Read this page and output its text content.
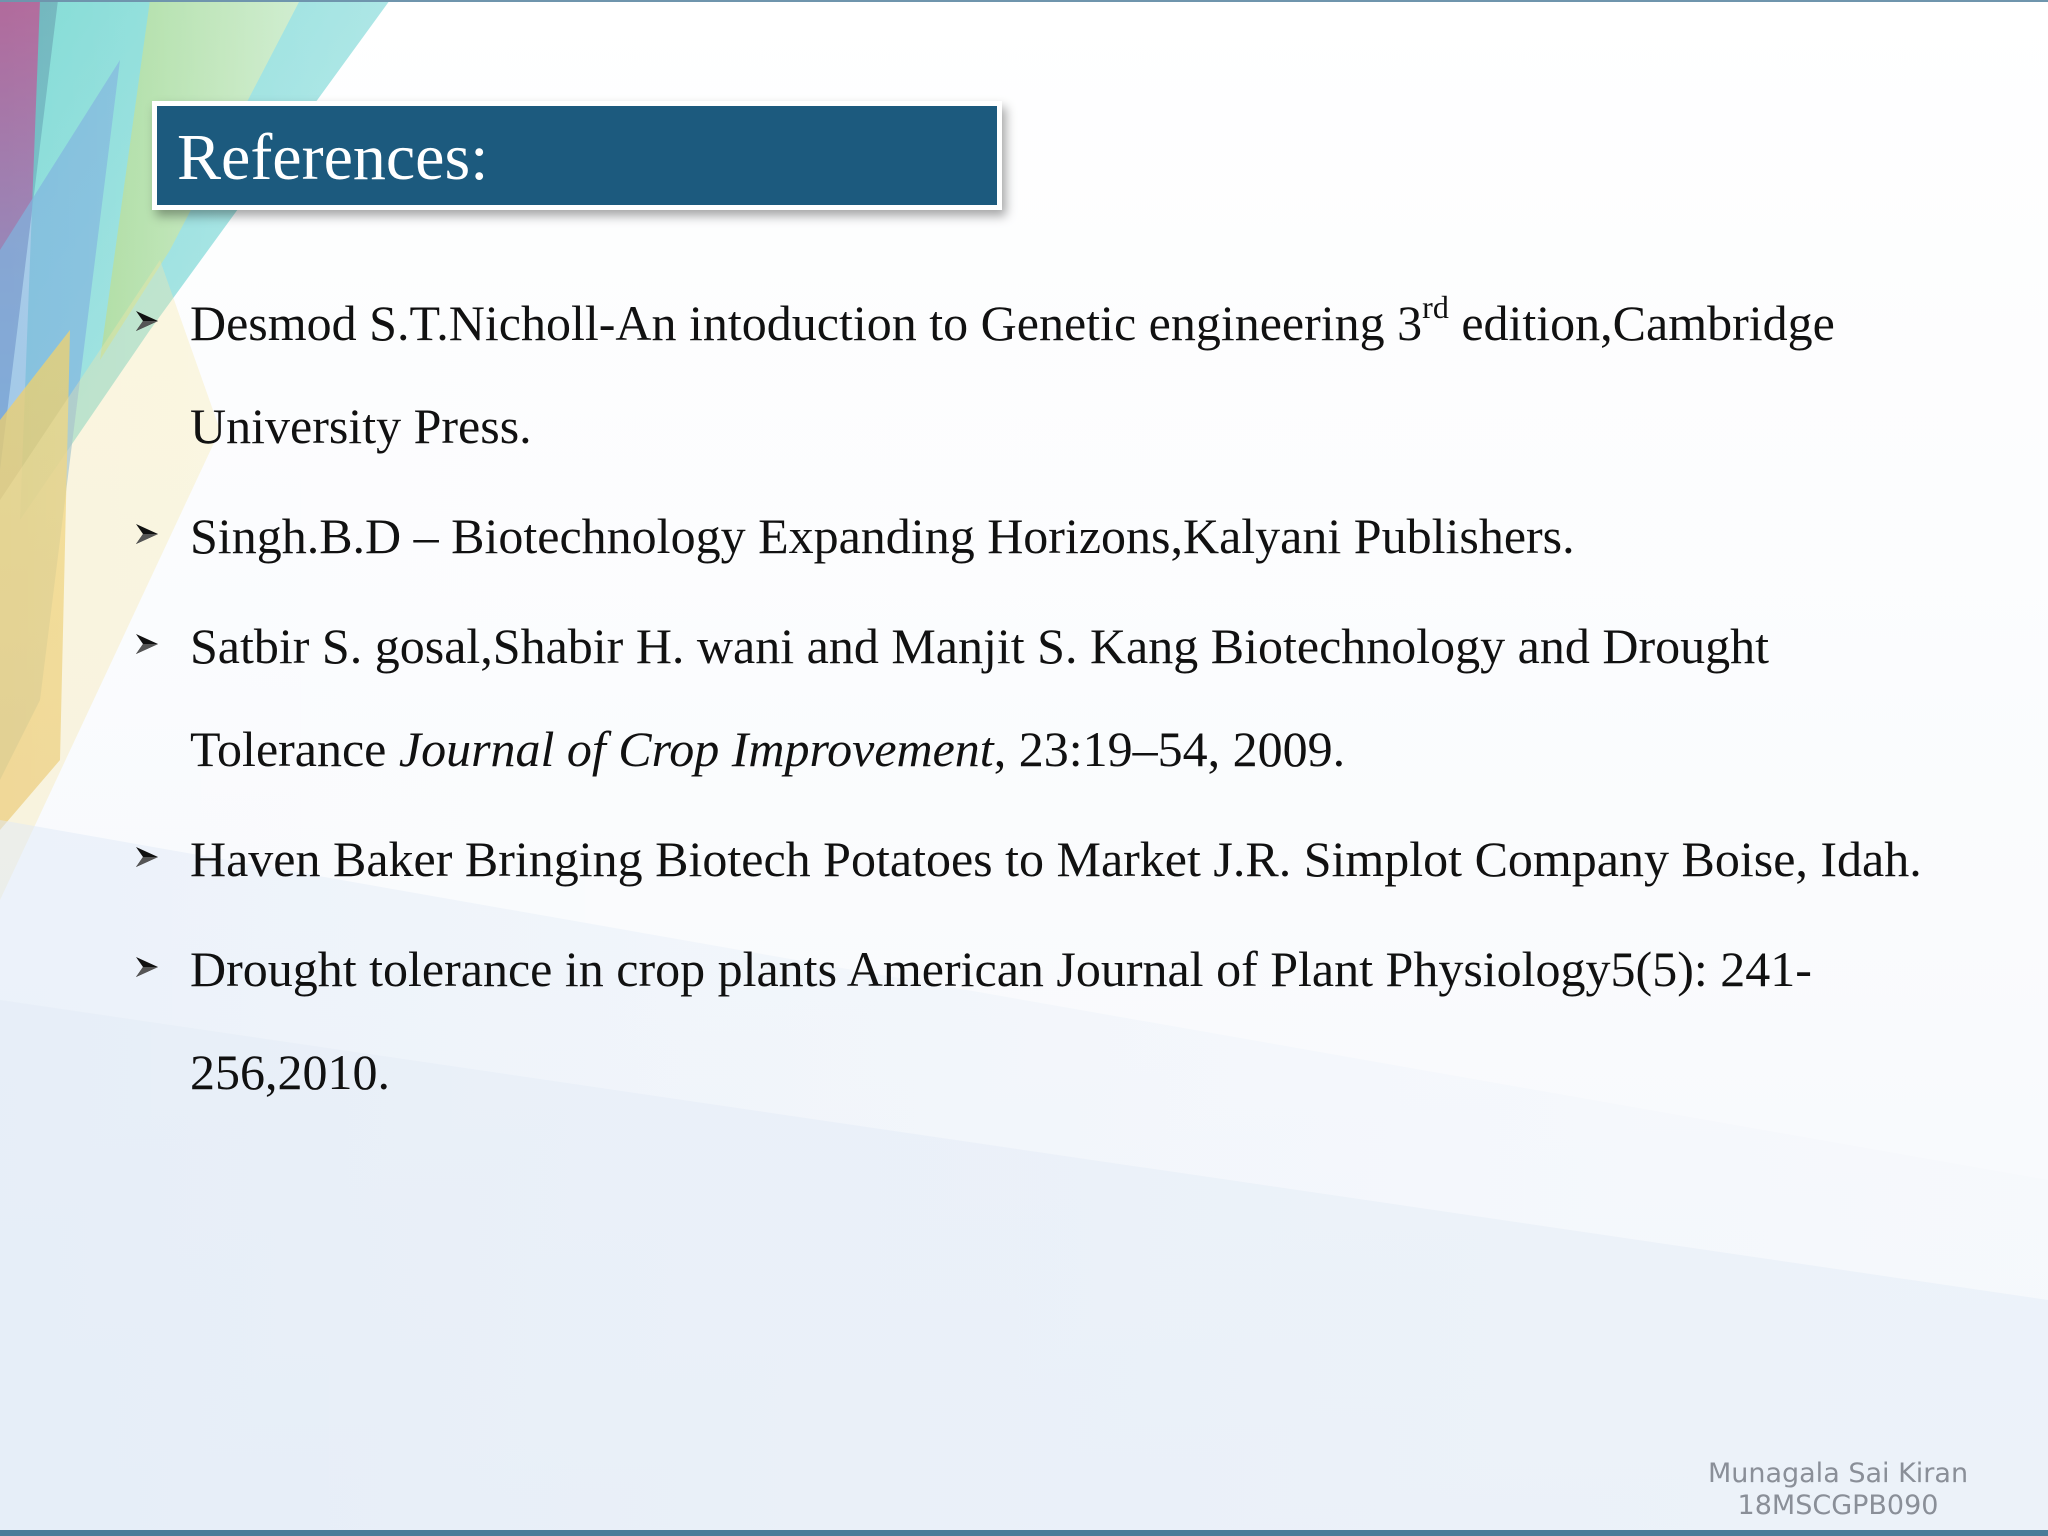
References:
Desmod S.T.Nicholl-An intoduction to Genetic engineering 3rd edition,Cambridge University Press.
Singh.B.D – Biotechnology Expanding Horizons,Kalyani Publishers.
Satbir S. gosal,Shabir H. wani and Manjit S. Kang Biotechnology and Drought Tolerance Journal of Crop Improvement, 23:19–54, 2009.
Haven Baker Bringing Biotech Potatoes to Market J.R. Simplot Company Boise, Idah.
Drought tolerance in crop plants American Journal of Plant Physiology5(5): 241-256,2010.
Munagala Sai Kiran
18MSCGPB090
